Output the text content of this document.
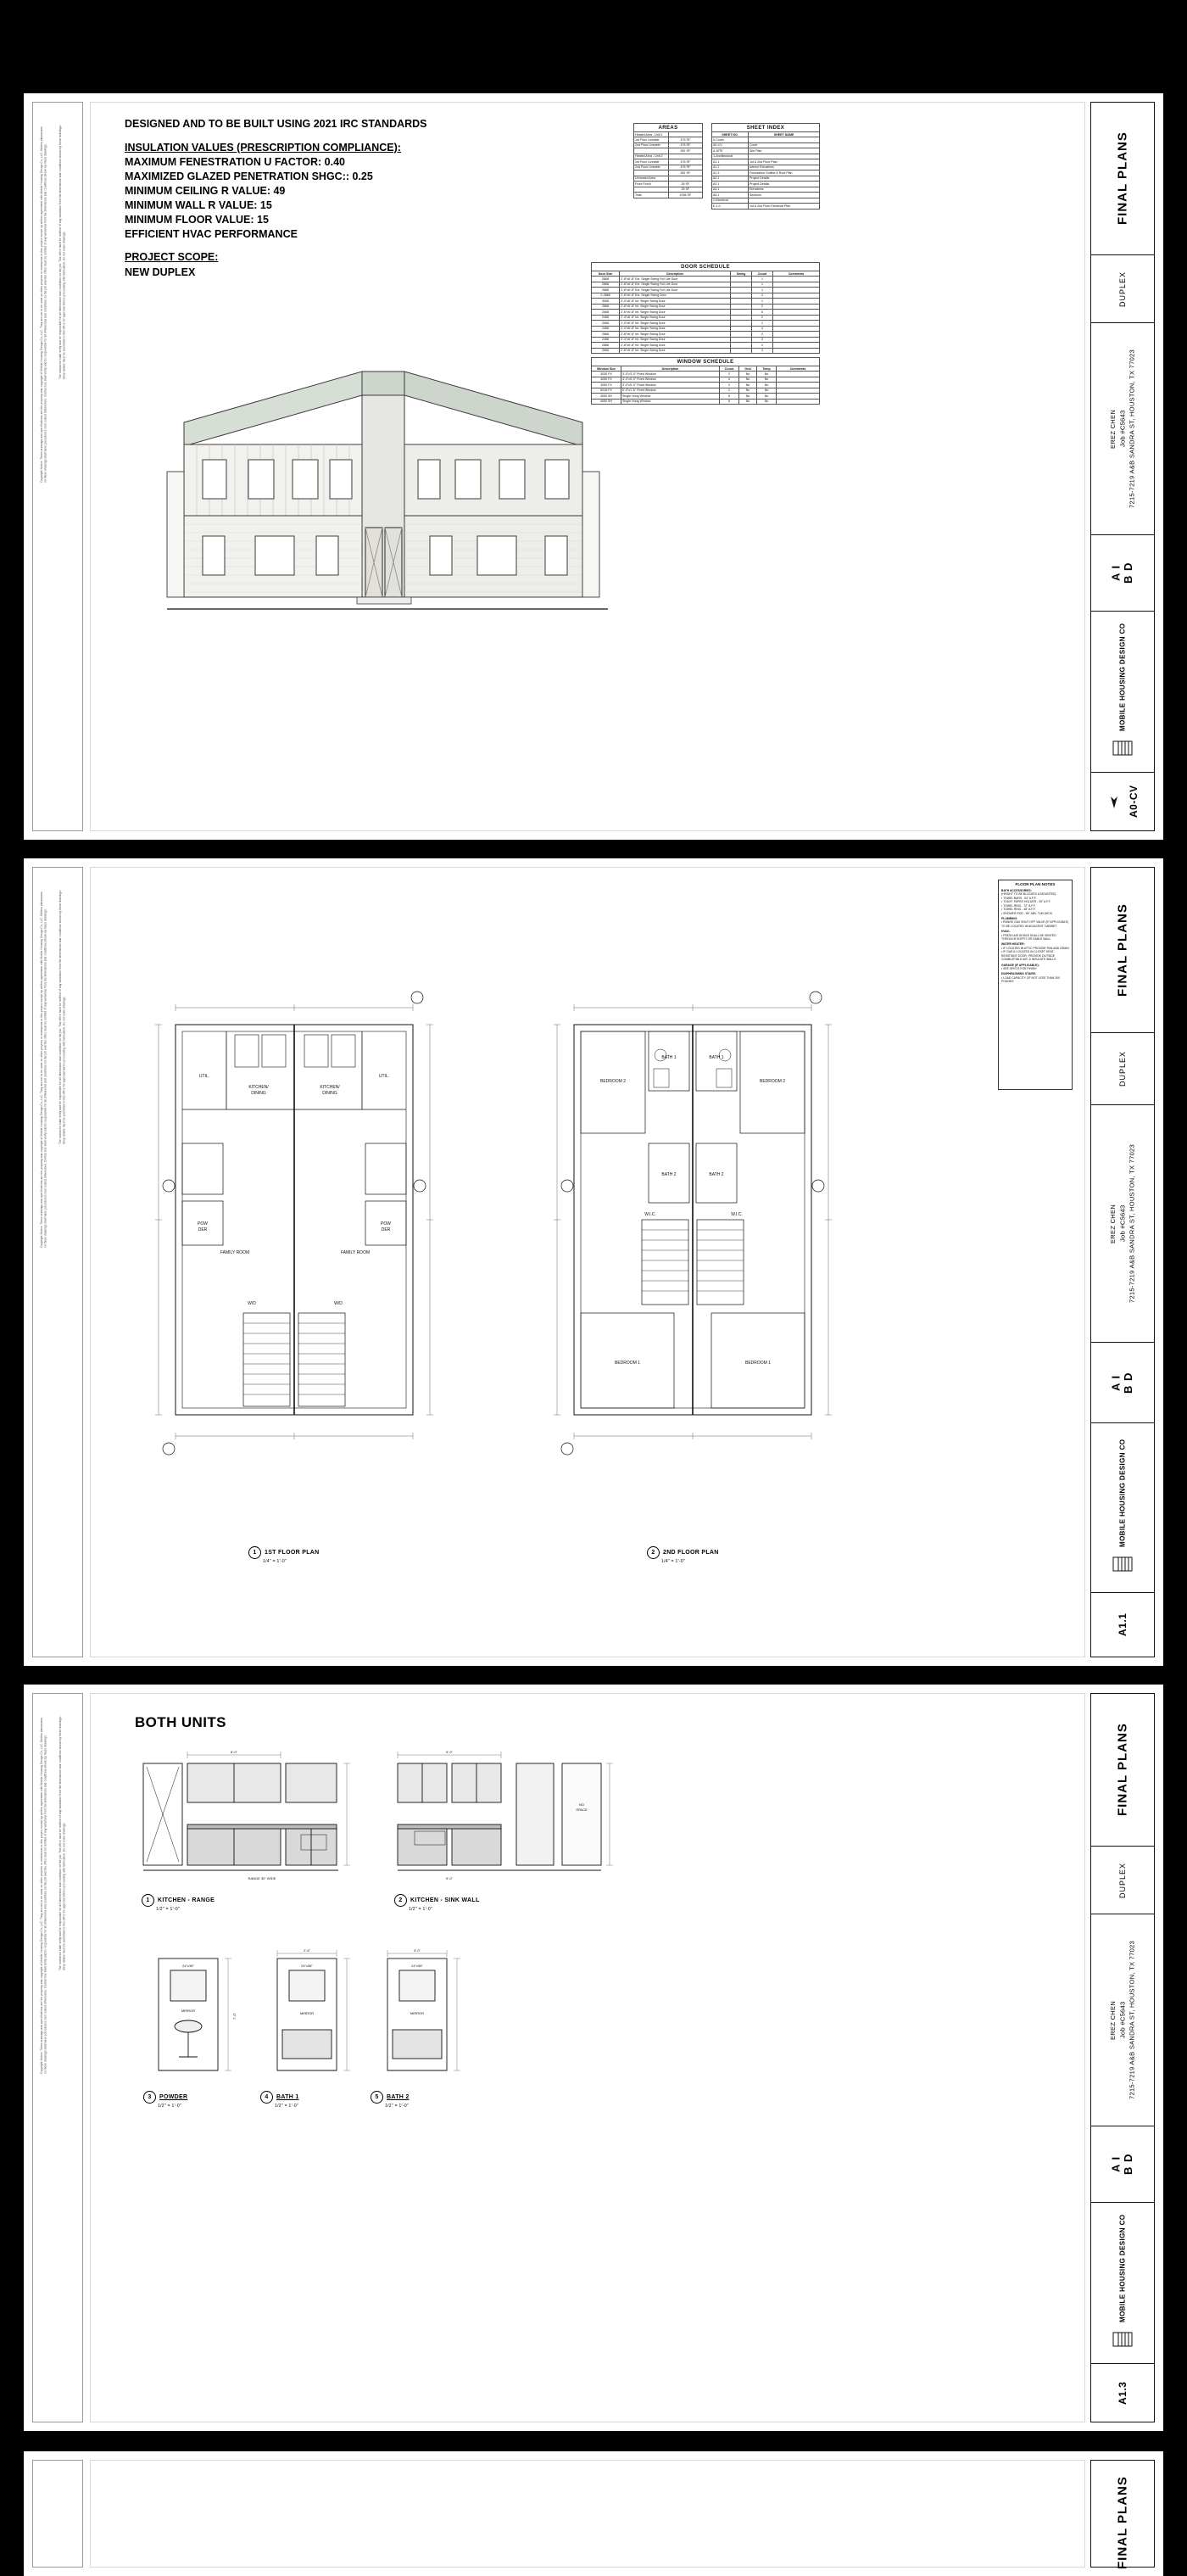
Copyright Notice: These drawings and specifications are the property and copyright of Mobile Housing Design Co, LLC. They are not to be used on other projects or extensions to this project except by written agreement with Mobile Housing Design Co, LLC. Written dimensions on these drawings shall have precedence over scaled dimensions. Contractors shall verify and be responsible for all dimensions and conditions on the job and this office must be notified of any variations from the dimensions and conditions shown by these drawings.	The contractor shall verify and be responsible for all dimensions and conditions on the job. This office must be notified of any variations from the dimensions and conditions shown by these drawings. Shop details must be submitted to this office for approval before proceeding with fabrication. Do not scale drawings.
DESIGNED AND TO BE BUILT USING 2021 IRC STANDARDS
INSULATION VALUES (PRESCRIPTION COMPLIANCE):
MAXIMUM FENESTRATION U FACTOR: 0.40
MAXIMIZED GLAZED PENETRATION SHGC:: 0.25
MINIMUM CEILING R VALUE: 49
MINIMUM WALL R VALUE: 15
MINIMUM FLOOR VALUE: 15
EFFICIENT HVAC PERFORMANCE
PROJECT SCOPE:
NEW DUPLEX
AREAS
Heated Area - Unit 1	
1st Floor Liveable	475 SF
2nd Floor Liveable	475 SF
	951 SF
Heated Area - Unit 2	
1st Floor Liveable	476 SF
2nd Floor Liveable	476 SF
	951 SF
Unheated Area	
Front Porch	28 SF
	28 SF
Total	1936 SF
SHEET INDEX
SHEET NO.	SHEET NAME
0-Cover	
A0-CV	Cover
A-SITE	Site Plan
1-Architectural	
A1.1	1st & 2nd Floor Plan
A1.2	Interior Elevations
A1.3	Foundation Outline & Roof Plan
A2.1	Project Details
A2.1	Project Details
A3.1	Elevations
A4.1	Sections
2-Electrical	
E-1.0	1st & 2nd Floor Electrical Plan
DOOR SCHEDULE
Door Size	Description	Swing	Count	Comments
2868	2'-8"x6'-8" Ext. Single Swing Full Lite Door		1	
2868	2'-8"x6'-8" Ext. Single Swing Full Lite Door		1	
2868	2'-8"x6'-8" Ext. Single Swing Full Lite Door		1	
2-2868	2'-8"x6'-8" Ext. Single Swing Door		2	
3068	3'-0"x6'-8" Int. Single Swing Door		1	
2868	2'-8"x6'-8" Int. Single Swing Door		2	
2668	2'-6"x6'-8" Int. Single Swing Door		5	
2468	2'-4"x6'-8" Int. Single Swing Door		2	
2068	2'-0"x6'-8" Int. Single Swing Door		1	
2468	2'-4"x6'-8" Int. Single Swing Door		4	
2868	2'-8"x6'-8" Int. Single Swing Door		2	
2468	2'-4"x6'-8" Int. Single Swing Door		3	
2868	2'-8"x6'-8" Int. Single Swing Door		2	
2668	2'-6"x6'-8" Int. Single Swing Door		3	
WINDOW SCHEDULE
Window Size	Description	Count	Grid	Temp	Comments
3030 FX	3'-0"x3'-0" Fixed Window	2	No	No	
4050 FX	4'-0"x5'-0" Fixed Window	4	No	No	
3050 FX	3'-0"x5'-0" Fixed Window	2	No	No	
6016 FX	6'-0"x1'-6" Fixed Window	2	No	No	
3050 SH	Single Hung Window	8	No	No	
4050 SH	Single Hung Window	6	No	No	
FINAL PLANS
DUPLEX
EREZ CHEN Job #C5643 7215-7219 A&B SANDRA ST, HOUSTON, TX 77023
A I
B D
MOBILE HOUSING DESIGN CO
A0-CV
Copyright Notice: These drawings and specifications are the property and copyright of Mobile Housing Design Co, LLC. They are not to be used on other projects or extensions to this project except by written agreement with Mobile Housing Design Co, LLC. Written dimensions on these drawings shall have precedence over scaled dimensions. Contractors shall verify and be responsible for all dimensions and conditions on the job and this office must be notified of any variations from the dimensions and conditions shown by these drawings.	The contractor shall verify and be responsible for all dimensions and conditions on the job. This office must be notified of any variations from the dimensions and conditions shown by these drawings. Shop details must be submitted to this office for approval before proceeding with fabrication. Do not scale drawings.	UTIL.	UTIL.
KITCHEN/
DINING
KITCHEN/
DINING
POW
DER
POW
DER
FAMILY ROOM	FAMILY ROOM
W/D	W/D
BEDROOM 2	BEDROOM 2
BATH 1	BATH 1
BATH 2	BATH 2
BEDROOM 1	BEDROOM 1
W.I.C.	W.I.C.
1 1ST FLOOR PLAN
1/4" = 1'-0"
2 2ND FLOOR PLAN
1/4" = 1'-0"
FLOOR PLAN NOTES
BATH ACCESSORIES:
(HEIGHT TO BE BLOCKED & MOUNTED)
• TOWEL BARS - 54" A.F.F.
• TOILET PAPER HOLDER - 26" A.F.F.
• TOWEL RING - 72" A.F.F.
• TOWEL RING - 48" A.F.F.
• SHOWER ROD - 80" ABV. TUB DECK
PLUMBING:
• RANGE GAS SHUT OFF VALVE (IF APPLICABLE) TO BE LOCATED IN ADJACENT CABINET
HVAC:
• FRESH AIR INTAKE SHALL BE VENTED THROUGH SOFFIT OR GABLE WALL
WATER HEATER:
• IF LOCATED IN ATTIC PROVIDE PAN AND DRAIN
• IF GAS & LOCATED IN CLOSET HEAT-RESISTANT DOOR, PROVIDE OUTSIDE COMBUSTIBLE AIR, & INSULATE WALLS
GARAGE (IF APPLICABLE):
• SEE SPECS FOR FINISH
DIAPHRAGMING STAIRS:
• LOAD CAPACITY OF NOT LESS THAN 300 POUNDS	FINAL PLANS
DUPLEX
EREZ CHEN Job #C5643 7215-7219 A&B SANDRA ST, HOUSTON, TX 77023
A I
B D
MOBILE HOUSING DESIGN CO
A1.1
Copyright Notice: These drawings and specifications are the property and copyright of Mobile Housing Design Co, LLC. They are not to be used on other projects or extensions to this project except by written agreement with Mobile Housing Design Co, LLC. Written dimensions on these drawings shall have precedence over scaled dimensions. Contractors shall verify and be responsible for all dimensions and conditions on the job and this office must be notified of any variations from the dimensions and conditions shown by these drawings.	The contractor shall verify and be responsible for all dimensions and conditions on the job. This office must be notified of any variations from the dimensions and conditions shown by these drawings. Shop details must be submitted to this office for approval before proceeding with fabrication. Do not scale drawings.
BOTH UNITS
8'-0"
RANGE 30" WIDE
9'-0"
NO
SPACE
9'-0"
1 KITCHEN - RANGE
1/2" = 1'-0"
2 KITCHEN - SINK WALL
1/2" = 1'-0"
24"x36"
MIRROR
7'-0"
24"x36"
MIRROR
2'-6"
24"x36"
MIRROR
3'-0"
3 POWDER
1/2" = 1'-0"
4 BATH 1
1/2" = 1'-0"
5 BATH 2
1/2" = 1'-0"
FINAL PLANS
DUPLEX
EREZ CHEN Job #C5643 7215-7219 A&B SANDRA ST, HOUSTON, TX 77023
A I
B D
MOBILE HOUSING DESIGN CO
A1.3
FINAL PLANS
